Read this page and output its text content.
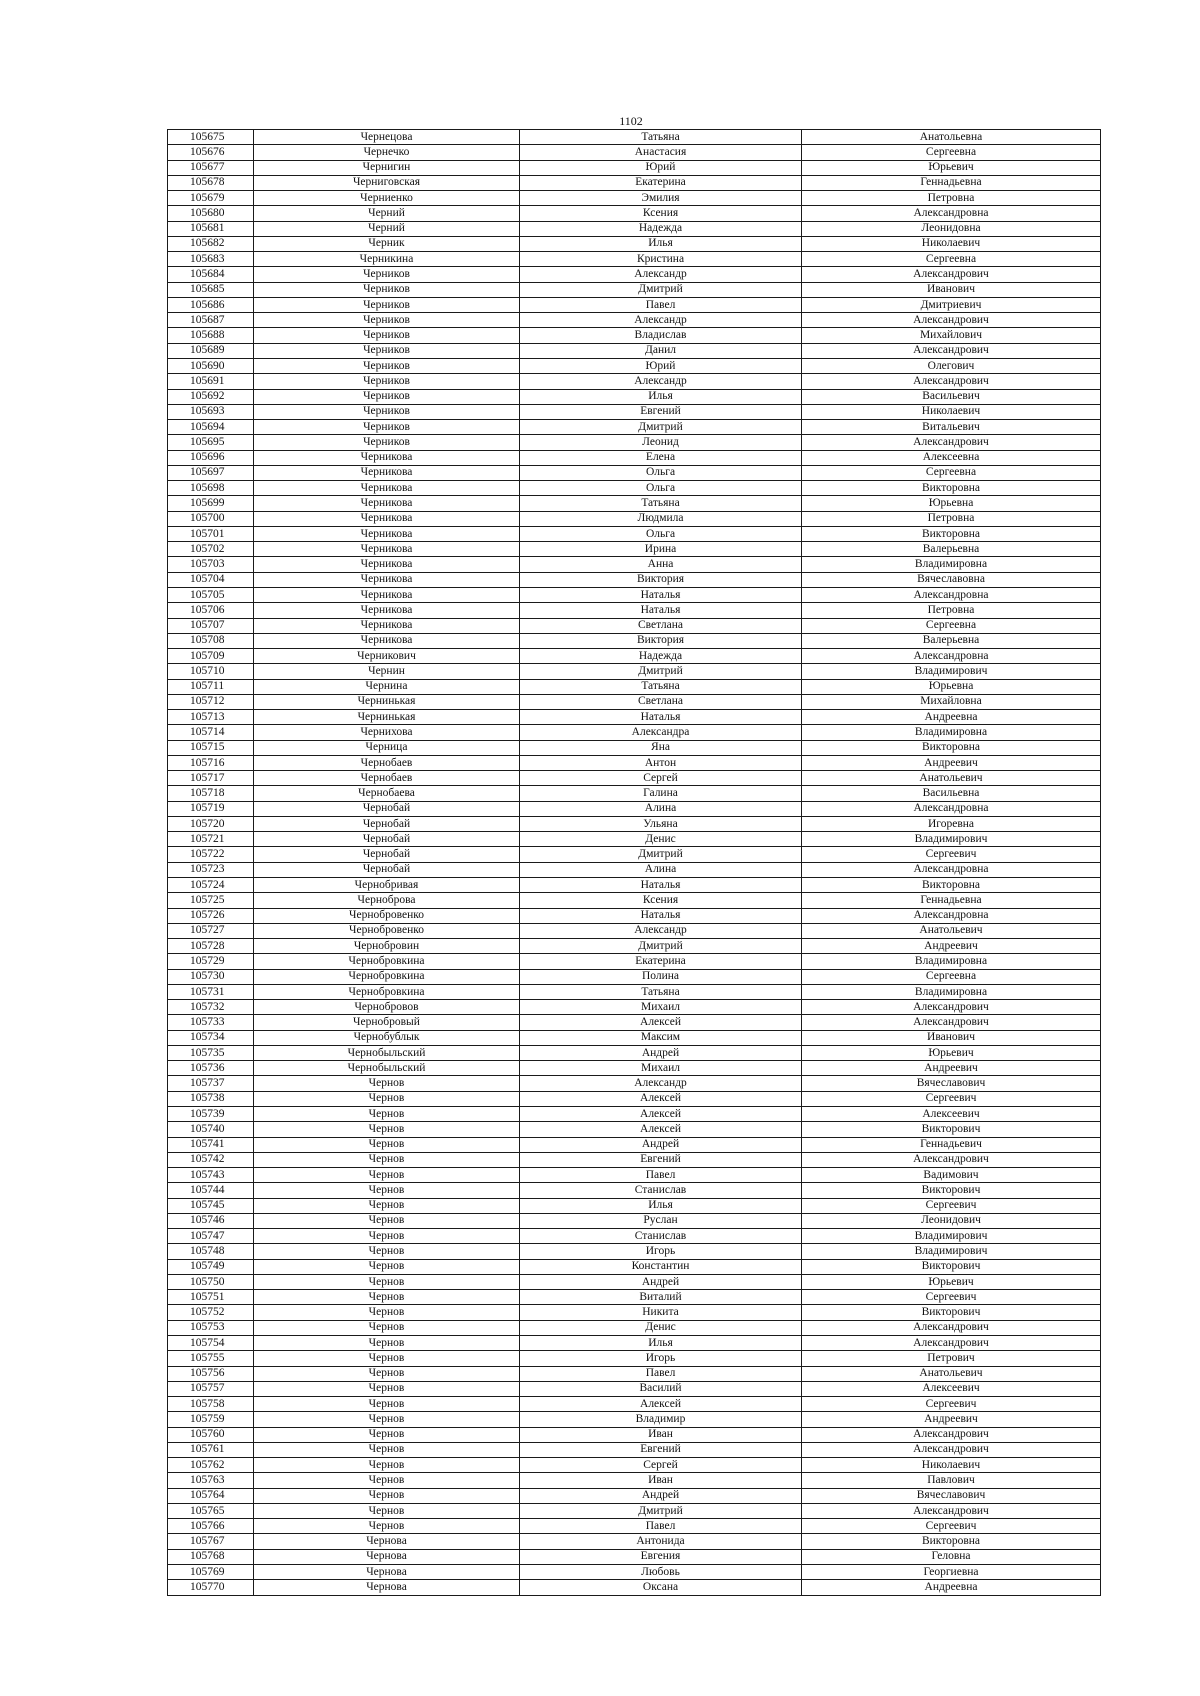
1102
105675	Чернецова	Татьяна	Анатольевна
105676	Чернечко	Анастасия	Сергеевна
105677	Чернигин	Юрий	Юрьевич
105678	Черниговская	Екатерина	Геннадьевна
105679	Черниенко	Эмилия	Петровна
105680	Черний	Ксения	Александровна
105681	Черний	Надежда	Леонидовна
105682	Черник	Илья	Николаевич
105683	Черникина	Кристина	Сергеевна
105684	Черников	Александр	Александрович
105685	Черников	Дмитрий	Иванович
105686	Черников	Павел	Дмитриевич
105687	Черников	Александр	Александрович
105688	Черников	Владислав	Михайлович
105689	Черников	Данил	Александрович
105690	Черников	Юрий	Олегович
105691	Черников	Александр	Александрович
105692	Черников	Илья	Васильевич
105693	Черников	Евгений	Николаевич
105694	Черников	Дмитрий	Витальевич
105695	Черников	Леонид	Александрович
105696	Черникова	Елена	Алексеевна
105697	Черникова	Ольга	Сергеевна
105698	Черникова	Ольга	Викторовна
105699	Черникова	Татьяна	Юрьевна
105700	Черникова	Людмила	Петровна
105701	Черникова	Ольга	Викторовна
105702	Черникова	Ирина	Валерьевна
105703	Черникова	Анна	Владимировна
105704	Черникова	Виктория	Вячеславовна
105705	Черникова	Наталья	Александровна
105706	Черникова	Наталья	Петровна
105707	Черникова	Светлана	Сергеевна
105708	Черникова	Виктория	Валерьевна
105709	Черникович	Надежда	Александровна
105710	Чернин	Дмитрий	Владимирович
105711	Чернина	Татьяна	Юрьевна
105712	Чернинькая	Светлана	Михайловна
105713	Чернинькая	Наталья	Андреевна
105714	Чернихова	Александра	Владимировна
105715	Черница	Яна	Викторовна
105716	Чернобаев	Антон	Андреевич
105717	Чернобаев	Сергей	Анатольевич
105718	Чернобаева	Галина	Васильевна
105719	Чернобай	Алина	Александровна
105720	Чернобай	Ульяна	Игоревна
105721	Чернобай	Денис	Владимирович
105722	Чернобай	Дмитрий	Сергеевич
105723	Чернобай	Алина	Александровна
105724	Чернобривая	Наталья	Викторовна
105725	Черноброва	Ксения	Геннадьевна
105726	Чернобровенко	Наталья	Александровна
105727	Чернобровенко	Александр	Анатольевич
105728	Чернобровин	Дмитрий	Андреевич
105729	Чернобровкина	Екатерина	Владимировна
105730	Чернобровкина	Полина	Сергеевна
105731	Чернобровкина	Татьяна	Владимировна
105732	Чернобровов	Михаил	Александрович
105733	Чернобровый	Алексей	Александрович
105734	Чернобублык	Максим	Иванович
105735	Чернобыльский	Андрей	Юрьевич
105736	Чернобыльский	Михаил	Андреевич
105737	Чернов	Александр	Вячеславович
105738	Чернов	Алексей	Сергеевич
105739	Чернов	Алексей	Алексеевич
105740	Чернов	Алексей	Викторович
105741	Чернов	Андрей	Геннадьевич
105742	Чернов	Евгений	Александрович
105743	Чернов	Павел	Вадимович
105744	Чернов	Станислав	Викторович
105745	Чернов	Илья	Сергеевич
105746	Чернов	Руслан	Леонидович
105747	Чернов	Станислав	Владимирович
105748	Чернов	Игорь	Владимирович
105749	Чернов	Константин	Викторович
105750	Чернов	Андрей	Юрьевич
105751	Чернов	Виталий	Сергеевич
105752	Чернов	Никита	Викторович
105753	Чернов	Денис	Александрович
105754	Чернов	Илья	Александрович
105755	Чернов	Игорь	Петрович
105756	Чернов	Павел	Анатольевич
105757	Чернов	Василий	Алексеевич
105758	Чернов	Алексей	Сергеевич
105759	Чернов	Владимир	Андреевич
105760	Чернов	Иван	Александрович
105761	Чернов	Евгений	Александрович
105762	Чернов	Сергей	Николаевич
105763	Чернов	Иван	Павлович
105764	Чернов	Андрей	Вячеславович
105765	Чернов	Дмитрий	Александрович
105766	Чернов	Павел	Сергеевич
105767	Чернова	Антонида	Викторовна
105768	Чернова	Евгения	Геловна
105769	Чернова	Любовь	Георгиевна
105770	Чернова	Оксана	Андреевна
